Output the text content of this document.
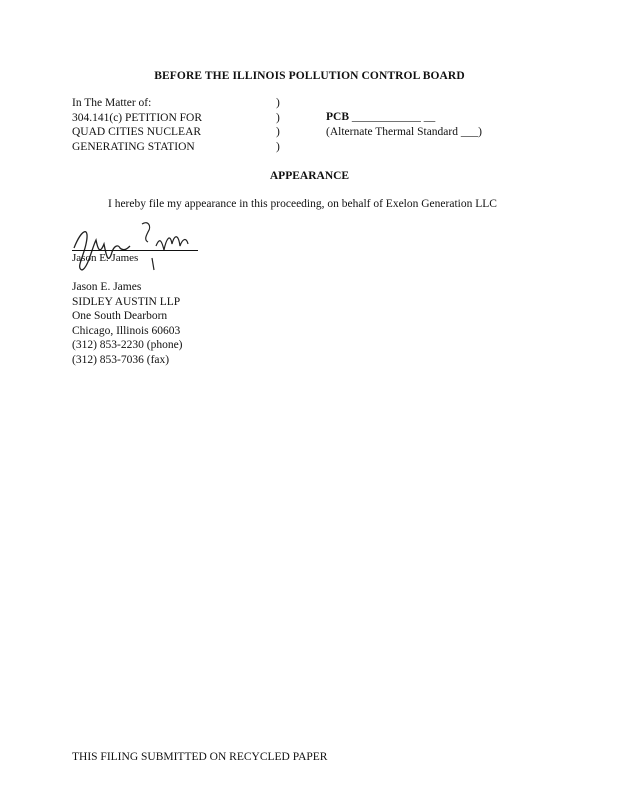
BEFORE THE ILLINOIS POLLUTION CONTROL BOARD
In The Matter of:
304.141(c) PETITION FOR
QUAD CITIES NUCLEAR
GENERATING STATION
)
)
)
)
PCB ____________ __
(Alternate Thermal Standard ___)
APPEARANCE
I hereby file my appearance in this proceeding, on behalf of Exelon Generation LLC
Jason E. James
Jason E. James
SIDLEY AUSTIN LLP
One South Dearborn
Chicago, Illinois 60603
(312) 853-2230 (phone)
(312) 853-7036 (fax)
THIS FILING SUBMITTED ON RECYCLED PAPER
